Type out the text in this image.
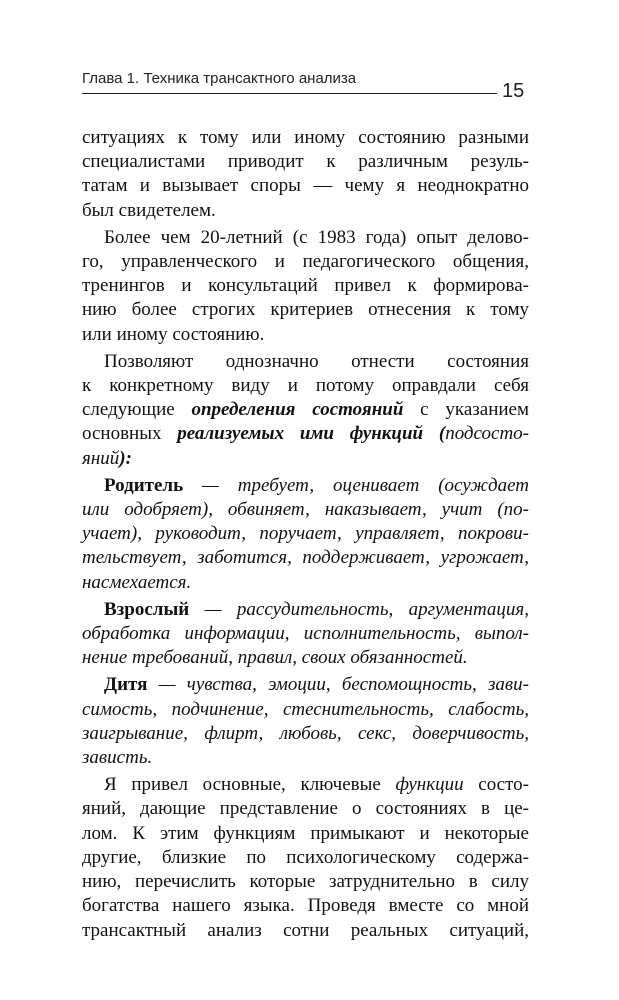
Глава 1. Техника трансактного анализа
15
ситуациях к тому или иному состоянию разными
специалистами приводит к различным резуль-
татам и вызывает споры — чему я неоднократно
был свидетелем.
Более чем 20-летний (с 1983 года) опыт делово-
го, управленческого и педагогического общения,
тренингов и консультаций привел к формирова-
нию более строгих критериев отнесения к тому
или иному состоянию.
Позволяют однозначно отнести состояния
к конкретному виду и потому оправдали себя
следующие определения состояний с указанием
основных реализуемых ими функций (подсосто-
яний):
Родитель — требует, оценивает (осуждает
или одобряет), обвиняет, наказывает, учит (по-
учает), руководит, поручает, управляет, покрови-
тельствует, заботится, поддерживает, угрожает,
насмехается.
Взрослый — рассудительность, аргументация,
обработка информации, исполнительность, выпол-
нение требований, правил, своих обязанностей.
Дитя — чувства, эмоции, беспомощность, зави-
симость, подчинение, стеснительность, слабость,
заигрывание, флирт, любовь, секс, доверчивость,
зависть.
Я привел основные, ключевые функции состо-
яний, дающие представление о состояниях в це-
лом. К этим функциям примыкают и некоторые
другие, близкие по психологическому содержа-
нию, перечислить которые затруднительно в силу
богатства нашего языка. Проведя вместе со мной
трансактный анализ сотни реальных ситуаций,
